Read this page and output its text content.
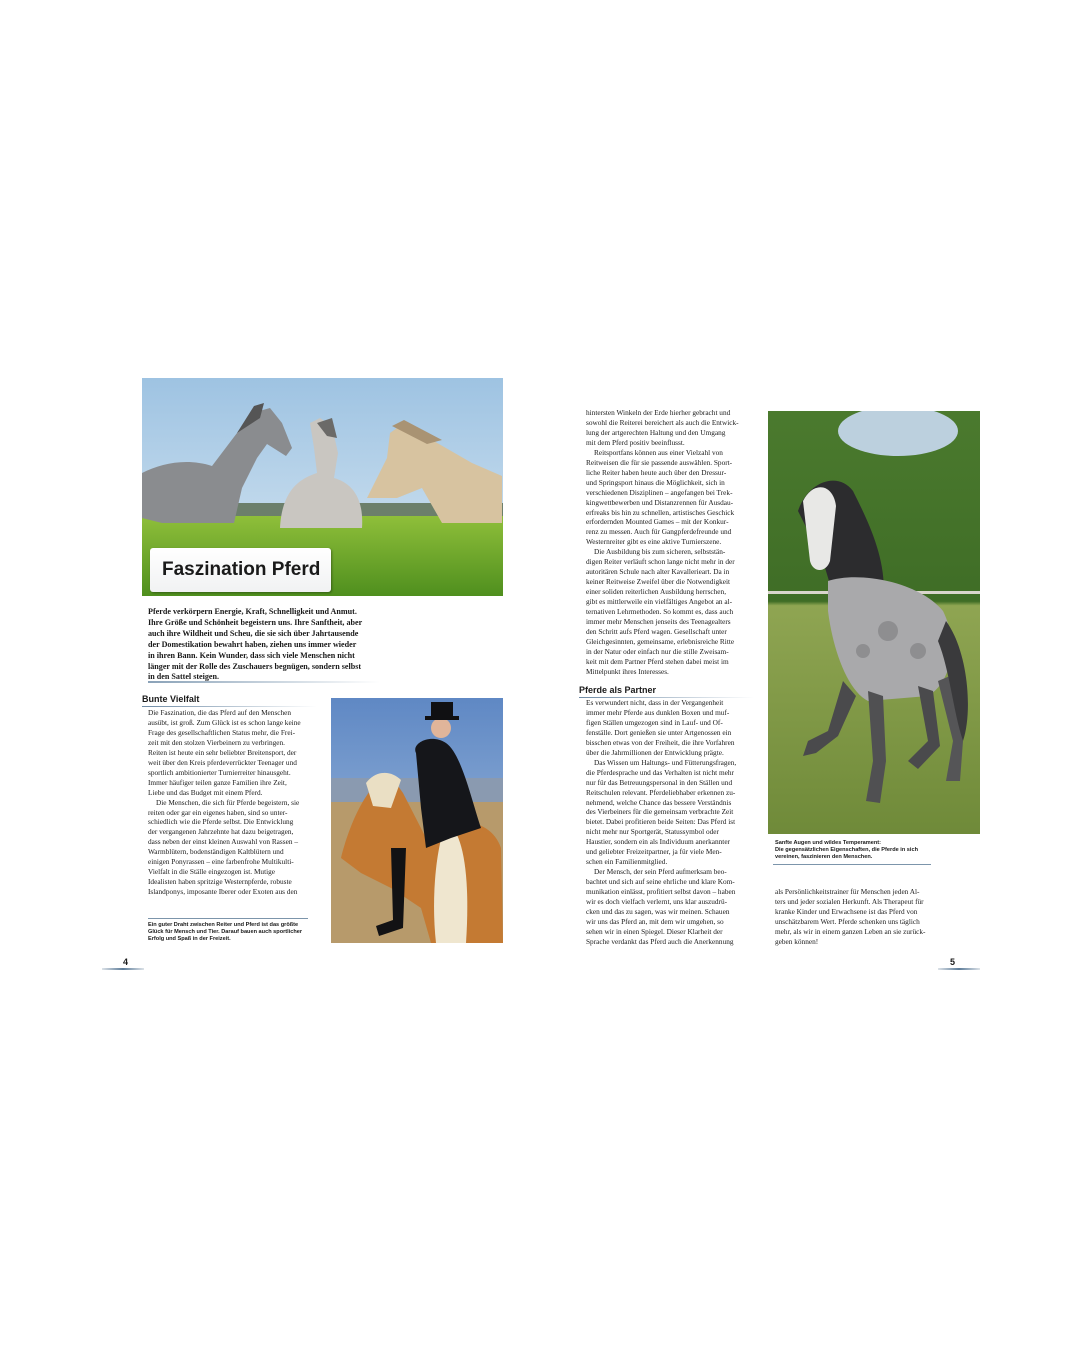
Faszination Pferd
Pferde verkörpern Energie, Kraft, Schnelligkeit und Anmut.
Ihre Größe und Schönheit begeistern uns. Ihre Sanftheit, aber
auch ihre Wildheit und Scheu, die sie sich über Jahrtausende
der Domestikation bewahrt haben, ziehen uns immer wieder
in ihren Bann. Kein Wunder, dass sich viele Menschen nicht
länger mit der Rolle des Zuschauers begnügen, sondern selbst
in den Sattel steigen.
Bunte Vielfalt

Die Faszination, die das Pferd auf den Menschen
ausübt, ist groß. Zum Glück ist es schon lange keine
Frage des gesellschaftlichen Status mehr, die Frei-
zeit mit den stolzen Vierbeinern zu verbringen.
Reiten ist heute ein sehr beliebter Breitensport, der
weit über den Kreis pferdeverrückter Teenager und
sportlich ambitionierter Turnierreiter hinausgeht.
Immer häufiger teilen ganze Familien ihre Zeit,
Liebe und das Budget mit einem Pferd.

Die Menschen, die sich für Pferde begeistern, sie
reiten oder gar ein eigenes haben, sind so unter-
schiedlich wie die Pferde selbst. Die Entwicklung
der vergangenen Jahrzehnte hat dazu beigetragen,
dass neben der einst kleinen Auswahl von Rassen –
Warmblütern, bodenständigen Kaltblütern und
einigen Ponyrassen – eine farbenfrohe Multikulti-
Vielfalt in die Ställe eingezogen ist. Mutige
Idealisten haben spritzige Westernpferde, robuste
Islandponys, imposante Iberer oder Exoten aus den

Ein guter Draht zwischen Reiter und Pferd ist das größte
Glück für Mensch und Tier. Darauf bauen auch sportlicher
Erfolg und Spaß in der Freizeit.
4

hintersten Winkeln der Erde hierher gebracht und
sowohl die Reiterei bereichert als auch die Entwick-
lung der artgerechten Haltung und den Umgang
mit dem Pferd positiv beeinflusst.

Reitsportfans können aus einer Vielzahl von
Reitweisen die für sie passende auswählen. Sport-
liche Reiter haben heute auch über den Dressur-
und Springsport hinaus die Möglichkeit, sich in
verschiedenen Disziplinen – angefangen bei Trek-
kingwettbewerben und Distanzrennen für Ausdau-
erfreaks bis hin zu schnellen, artistisches Geschick
erfordernden Mounted Games – mit der Konkur-
renz zu messen. Auch für Gangpferdefreunde und
Westernreiter gibt es eine aktive Turnierszene.

Die Ausbildung bis zum sicheren, selbststän-
digen Reiter verläuft schon lange nicht mehr in der
autoritären Schule nach alter Kavallerieart. Da in
keiner Reitweise Zweifel über die Notwendigkeit
einer soliden reiterlichen Ausbildung herrschen,
gibt es mittlerweile ein vielfältiges Angebot an al-
ternativen Lehrmethoden. So kommt es, dass auch
immer mehr Menschen jenseits des Teenagealters
den Schritt aufs Pferd wagen. Gesellschaft unter
Gleichgesinnten, gemeinsame, erlebnisreiche Ritte
in der Natur oder einfach nur die stille Zweisam-
keit mit dem Partner Pferd stehen dabei meist im
Mittelpunkt ihres Interesses.

Pferde als Partner

Es verwundert nicht, dass in der Vergangenheit
immer mehr Pferde aus dunklen Boxen und muf-
figen Ställen umgezogen sind in Lauf- und Of-
fenställe. Dort genießen sie unter Artgenossen ein
bisschen etwas von der Freiheit, die ihre Vorfahren
über die Jahrmillionen der Entwicklung prägte.

Das Wissen um Haltungs- und Fütterungsfragen,
die Pferdesprache und das Verhalten ist nicht mehr
nur für das Betreuungspersonal in den Ställen und
Reitschulen relevant. Pferdeliebhaber erkennen zu-
nehmend, welche Chance das bessere Verständnis
des Vierbeiners für die gemeinsam verbrachte Zeit
bietet. Dabei profitieren beide Seiten: Das Pferd ist
nicht mehr nur Sportgerät, Statussymbol oder
Haustier, sondern ein als Individuum anerkannter
und geliebter Freizeitpartner, ja für viele Men-
schen ein Familienmitglied.

Der Mensch, der sein Pferd aufmerksam beo-
bachtet und sich auf seine ehrliche und klare Kom-
munikation einlässt, profitiert selbst davon – haben
wir es doch vielfach verlernt, uns klar auszudrü-
cken und das zu sagen, was wir meinen. Schauen
wir uns das Pferd an, mit dem wir umgehen, so
sehen wir in einen Spiegel. Dieser Klarheit der
Sprache verdankt das Pferd auch die Anerkennung

Sanfte Augen und wildes Temperament:
Die gegensätzlichen Eigenschaften, die Pferde in sich
vereinen, faszinieren den Menschen.

als Persönlichkeitstrainer für Menschen jeden Al-
ters und jeder sozialen Herkunft. Als Therapeut für
kranke Kinder und Erwachsene ist das Pferd von
unschätzbarem Wert. Pferde schenken uns täglich
mehr, als wir in einem ganzen Leben an sie zurück-
geben können!

5
